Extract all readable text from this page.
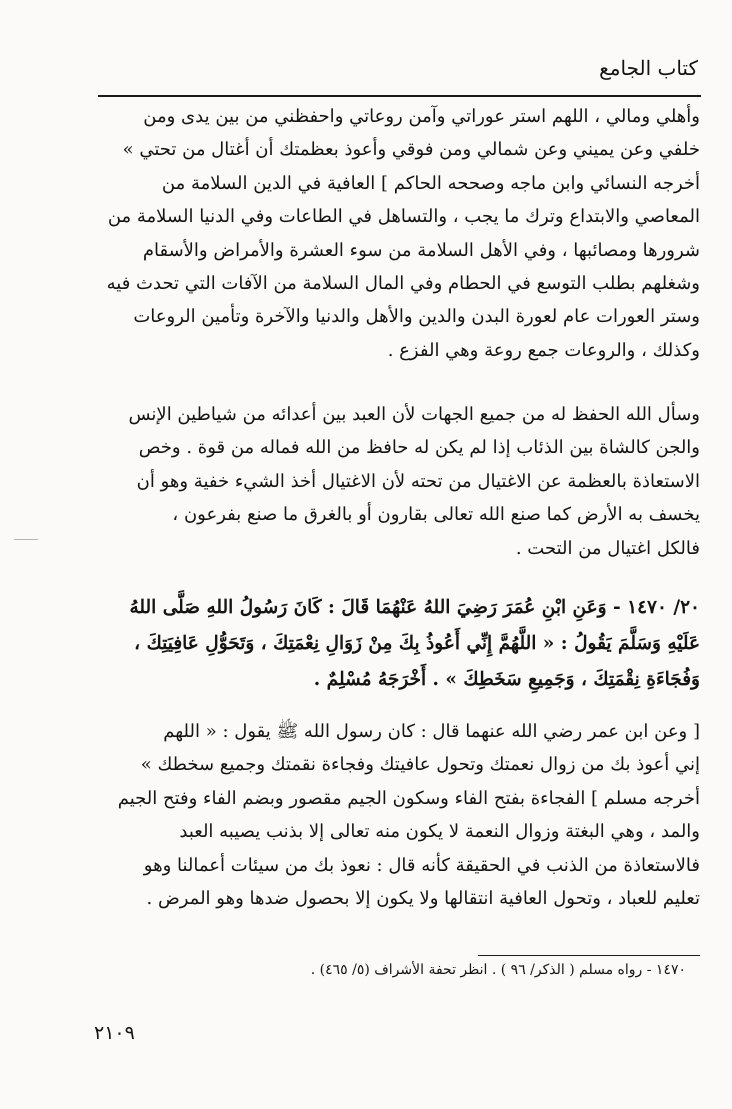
كتاب الجامع
وأهلي ومالي ، اللهم استر عوراتي وآمن روعاتي واحفظني من بين يدى ومن
خلفي وعن يميني وعن شمالي ومن فوقي وأعوذ بعظمتك أن أغتال من تحتي »
أخرجه النسائي وابن ماجه وصححه الحاكم ] العافية في الدين السلامة من
المعاصي والابتداع وترك ما يجب ، والتساهل في الطاعات وفي الدنيا السلامة من
شرورها ومصائبها ، وفي الأهل السلامة من سوء العشرة والأمراض والأسقام
وشغلهم بطلب التوسع في الحطام وفي المال السلامة من الآفات التي تحدث فيه
وستر العورات عام لعورة البدن والدين والأهل والدنيا والآخرة وتأمين الروعات
وكذلك ، والروعات جمع روعة وهي الفزع .
وسأل الله الحفظ له من جميع الجهات لأن العبد بين أعدائه من شياطين الإنس
والجن كالشاة بين الذئاب إذا لم يكن له حافظ من الله فماله من قوة . وخص
الاستعاذة بالعظمة عن الاغتيال من تحته لأن الاغتيال أخذ الشيء خفية وهو أن
يخسف به الأرض كما صنع الله تعالى بقارون أو بالغرق ما صنع بفرعون ،
فالكل اغتيال من التحت .
٢٠/ ١٤٧٠ - وَعَنِ ابْنِ عُمَرَ رَضِيَ اللهُ عَنْهُمَا قَالَ : كَانَ رَسُولُ اللهِ صَلَّى اللهُ
عَلَيْهِ وَسَلَّمَ يَقُولُ : « اللَّهُمَّ إِنِّي أَعُوذُ بِكَ مِنْ زَوَالِ نِعْمَتِكَ ، وَتَحَوُّلِ عَافِيَتِكَ ،
وَفُجَاءَةِ نِقْمَتِكَ ، وَجَمِيعِ سَخَطِكَ » . أَخْرَجَهُ مُسْلِمٌ .
[ وعن ابن عمر رضي الله عنهما قال : كان رسول الله ﷺ يقول : « اللهم
إني أعوذ بك من زوال نعمتك وتحول عافيتك وفجاءة نقمتك وجميع سخطك »
أخرجه مسلم ] الفجاءة بفتح الفاء وسكون الجيم مقصور وبضم الفاء وفتح الجيم
والمد ، وهي البغتة وزوال النعمة لا يكون منه تعالى إلا بذنب يصيبه العبد
فالاستعاذة من الذنب في الحقيقة كأنه قال : نعوذ بك من سيئات أعمالنا وهو
تعليم للعباد ، وتحول العافية انتقالها ولا يكون إلا بحصول ضدها وهو المرض .
١٤٧٠ - رواه مسلم ( الذكر/ ٩٦ ) . انظر تحفة الأشراف (٥/ ٤٦٥) .
٢١٠٩
